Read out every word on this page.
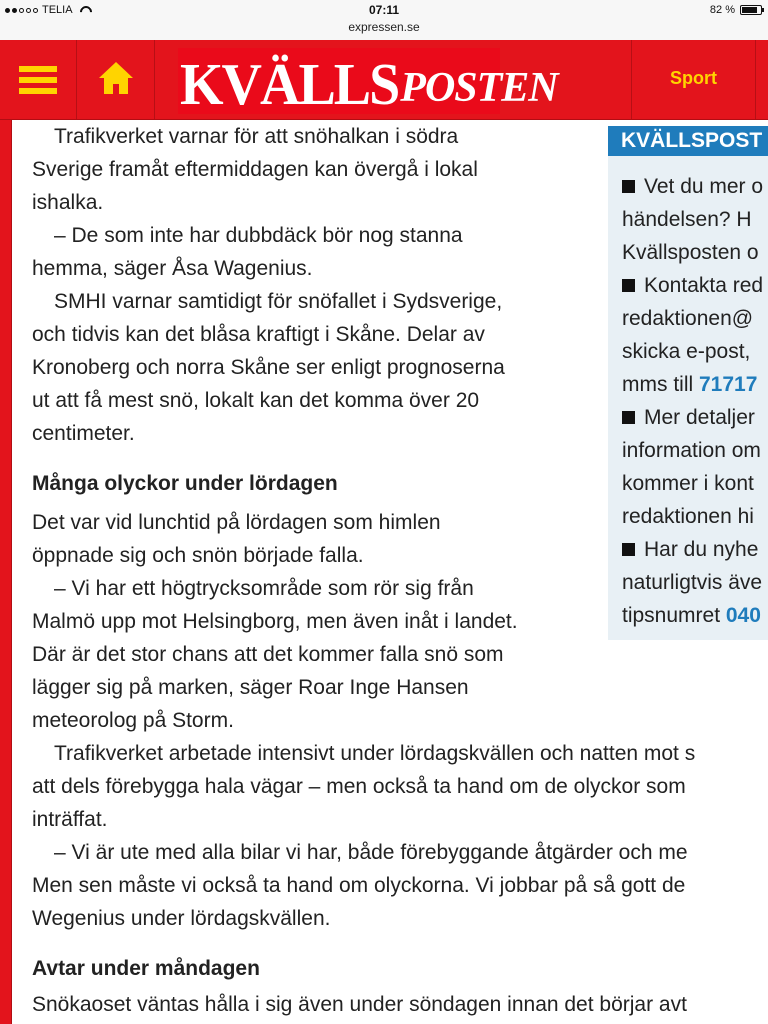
TELIA	07:11
expressen.se
82 %
KVÄLLS POSTEN	Sport

Trafikverket varnar för att snöhalkan i södra

Sverige framåt eftermiddagen kan övergå i lokal

ishalka.

– De som inte har dubbdäck bör nog stanna

hemma, säger Åsa Wagenius.

SMHI varnar samtidigt för snöfallet i Sydsverige,

och tidvis kan det blåsa kraftigt i Skåne. Delar av

Kronoberg och norra Skåne ser enligt prognoserna

ut att få mest snö, lokalt kan det komma över 20

centimeter.

Många olyckor under lördagen

Det var vid lunchtid på lördagen som himlen

öppnade sig och snön började falla.

– Vi har ett högtrycksområde som rör sig från

Malmö upp mot Helsingborg, men även inåt i landet.

Där är det stor chans att det kommer falla snö som

lägger sig på marken, säger Roar Inge Hansen

meteorolog på Storm.

Trafikverket arbetade intensivt under lördagskvällen och natten mot s

att dels förebygga hala vägar – men också ta hand om de olyckor som

inträffat.

– Vi är ute med alla bilar vi har, både förebyggande åtgärder och me

Men sen måste vi också ta hand om olyckorna. Vi jobbar på så gott de

Wegenius under lördagskvällen.

Avtar under måndagen

Snökaoset väntas hålla i sig även under söndagen innan det börjar avt

KVÄLLSPOST

Vet du mer o

händelsen? H

Kvällsposten o

Kontakta red

redaktionen@

skicka e-post,

mms till 71717

Mer detaljer

information om

kommer i kont

redaktionen hi

Har du nyhe

naturligtvis äve

tipsnumret 040
